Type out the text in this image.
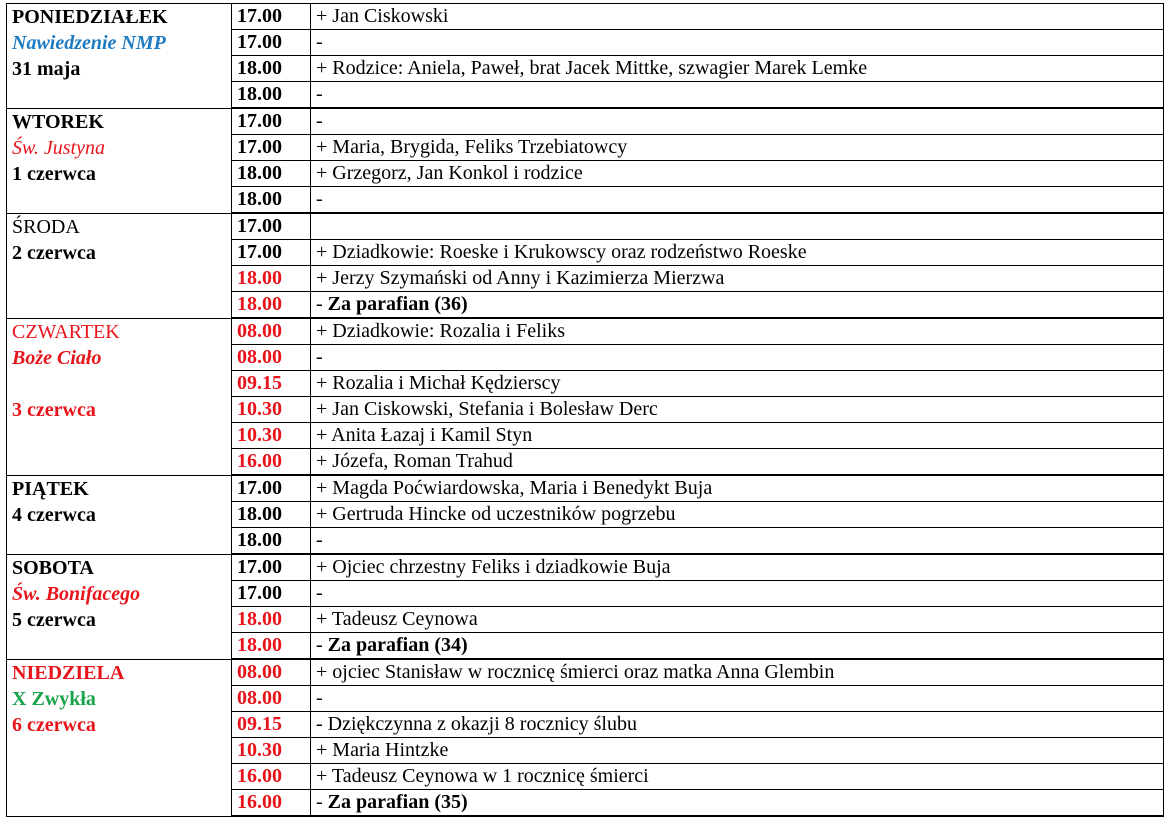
PONIEDZIAŁEK
Nawiedzenie NMP
31 maja	17.00	+ Jan Ciskowski
	17.00	-
	18.00	+ Rodzice: Aniela, Paweł, brat Jacek Mittke, szwagier Marek Lemke
	18.00	-

WTOREK
Św. Justyna
1 czerwca	17.00	-
	17.00	+ Maria, Brygida, Feliks Trzebiatowcy
	18.00	+ Grzegorz, Jan Konkol i rodzice
	18.00	-

ŚRODA
2 czerwca	17.00	
	17.00	+ Dziadkowie: Roeske i Krukowscy oraz rodzeństwo Roeske
	18.00	+ Jerzy Szymański od Anny i Kazimierza Mierzwa
	18.00	- Za parafian (36)

CZWARTEK
Boże Ciało
3 czerwca	08.00	+ Dziadkowie: Rozalia i Feliks
	08.00	-
	09.15	+ Rozalia i Michał Kędzierscy
	10.30	+ Jan Ciskowski, Stefania i Bolesław Derc
	10.30	+ Anita Łazaj i Kamil Styn
	16.00	+ Józefa, Roman Trahud

PIĄTEK
4 czerwca	17.00	+ Magda Poćwiardowska, Maria i Benedykt Buja
	18.00	+ Gertruda Hincke od uczestników pogrzebu
	18.00	-

SOBOTA
Św. Bonifacego
5 czerwca	17.00	+ Ojciec chrzestny Feliks i dziadkowie Buja
	17.00	-
	18.00	+ Tadeusz Ceynowa
	18.00	- Za parafian (34)

NIEDZIELA
X Zwykła
6 czerwca	08.00	+ ojciec Stanisław w rocznicę śmierci oraz matka Anna Glembin
	08.00	-
	09.15	- Dziękczynna z okazji 8 rocznicy ślubu
	10.30	+ Maria Hintzke
	16.00	+ Tadeusz Ceynowa w 1 rocznicę śmierci
	16.00	- Za parafian (35)
